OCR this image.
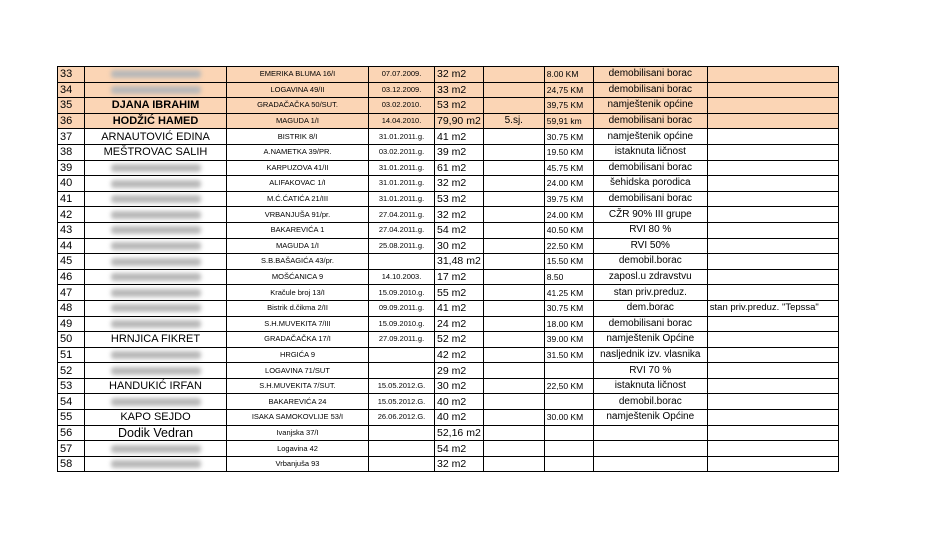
33		EMERIKA BLUMA 16/I	07.07.2009.	32 m2		8.00 KM	demobilisani borac	
34		LOGAVINA 49/II	03.12.2009.	33 m2		24,75 KM	demobilisani borac	
35	DJANA IBRAHIM	GRADAČAČKA 50/SUT.	03.02.2010.	53 m2		39,75 KM	namještenik općine	
36	HODŽIĆ HAMED	MAGUDA 1/I	14.04.2010.	79,90 m2	5.sj.	59,91 km	demobilisani borac	
37	ARNAUTOVIĆ EDINA	BISTRIK 8/I	31.01.2011.g.	41 m2		30.75 KM	namještenik općine	
38	MEŠTROVAC SALIH	A.NAMETKA 39/PR.	03.02.2011.g.	39 m2		19.50 KM	istaknuta ličnost	
39		KARPUZOVA 41/II	31.01.2011.g.	61 m2		45.75 KM	demobilisani borac	
40		ALIFAKOVAC 1/I	31.01.2011.g.	32 m2		24.00 KM	šehidska porodica	
41		M.Ć.ĆATIĆA 21/III	31.01.2011.g.	53 m2		39.75 KM	demobilisani borac	
42		VRBANJUŠA 91/pr.	27.04.2011.g.	32 m2		24.00 KM	CŽR 90% III grupe	
43		BAKAREVIĆA 1	27.04.2011.g.	54 m2		40.50 KM	RVI 80 %	
44		MAGUDA 1/I	25.08.2011.g.	30 m2		22.50 KM	RVI 50%	
45		S.B.BAŠAGIĆA 43/pr.		31,48 m2		15.50 KM	demobil.borac	
46		MOŠĆANICA 9	14.10.2003.	17 m2		8.50	zaposl.u zdravstvu	
47		Kračule broj 13/I	15.09.2010.g.	55 m2		41.25 KM	stan priv.preduz.	
48		Bistrik d.čikma 2/II	09.09.2011.g.	41 m2		30.75 KM	dem.borac	stan priv.preduz. "Tepssa"
49		S.H.MUVEKITA 7/III	15.09.2010.g.	24 m2		18.00 KM	demobilisani borac	
50	HRNJICA FIKRET	GRADAČAČKA 17/I	27.09.2011.g.	52 m2		39.00 KM	namještenik Općine	
51		HRGIĆA 9		42 m2		31.50 KM	nasljednik izv. vlasnika	
52		LOGAVINA 71/SUT		29 m2			RVI 70 %	
53	HANDUKIĆ IRFAN	S.H.MUVEKITA 7/SUT.	15.05.2012.G.	30 m2		22,50 KM	istaknuta ličnost	
54		BAKAREVIĆA 24	15.05.2012.G.	40 m2			demobil.borac	
55	KAPO SEJDO	ISAKA SAMOKOVLIJE 53/I	26.06.2012.G.	40 m2		30.00 KM	namještenik Općine	
56	Dodik Vedran	Ivanjska 37/I		52,16 m2				
57		Logavina 42		54 m2				
58		Vrbanjuša 93		32 m2				
